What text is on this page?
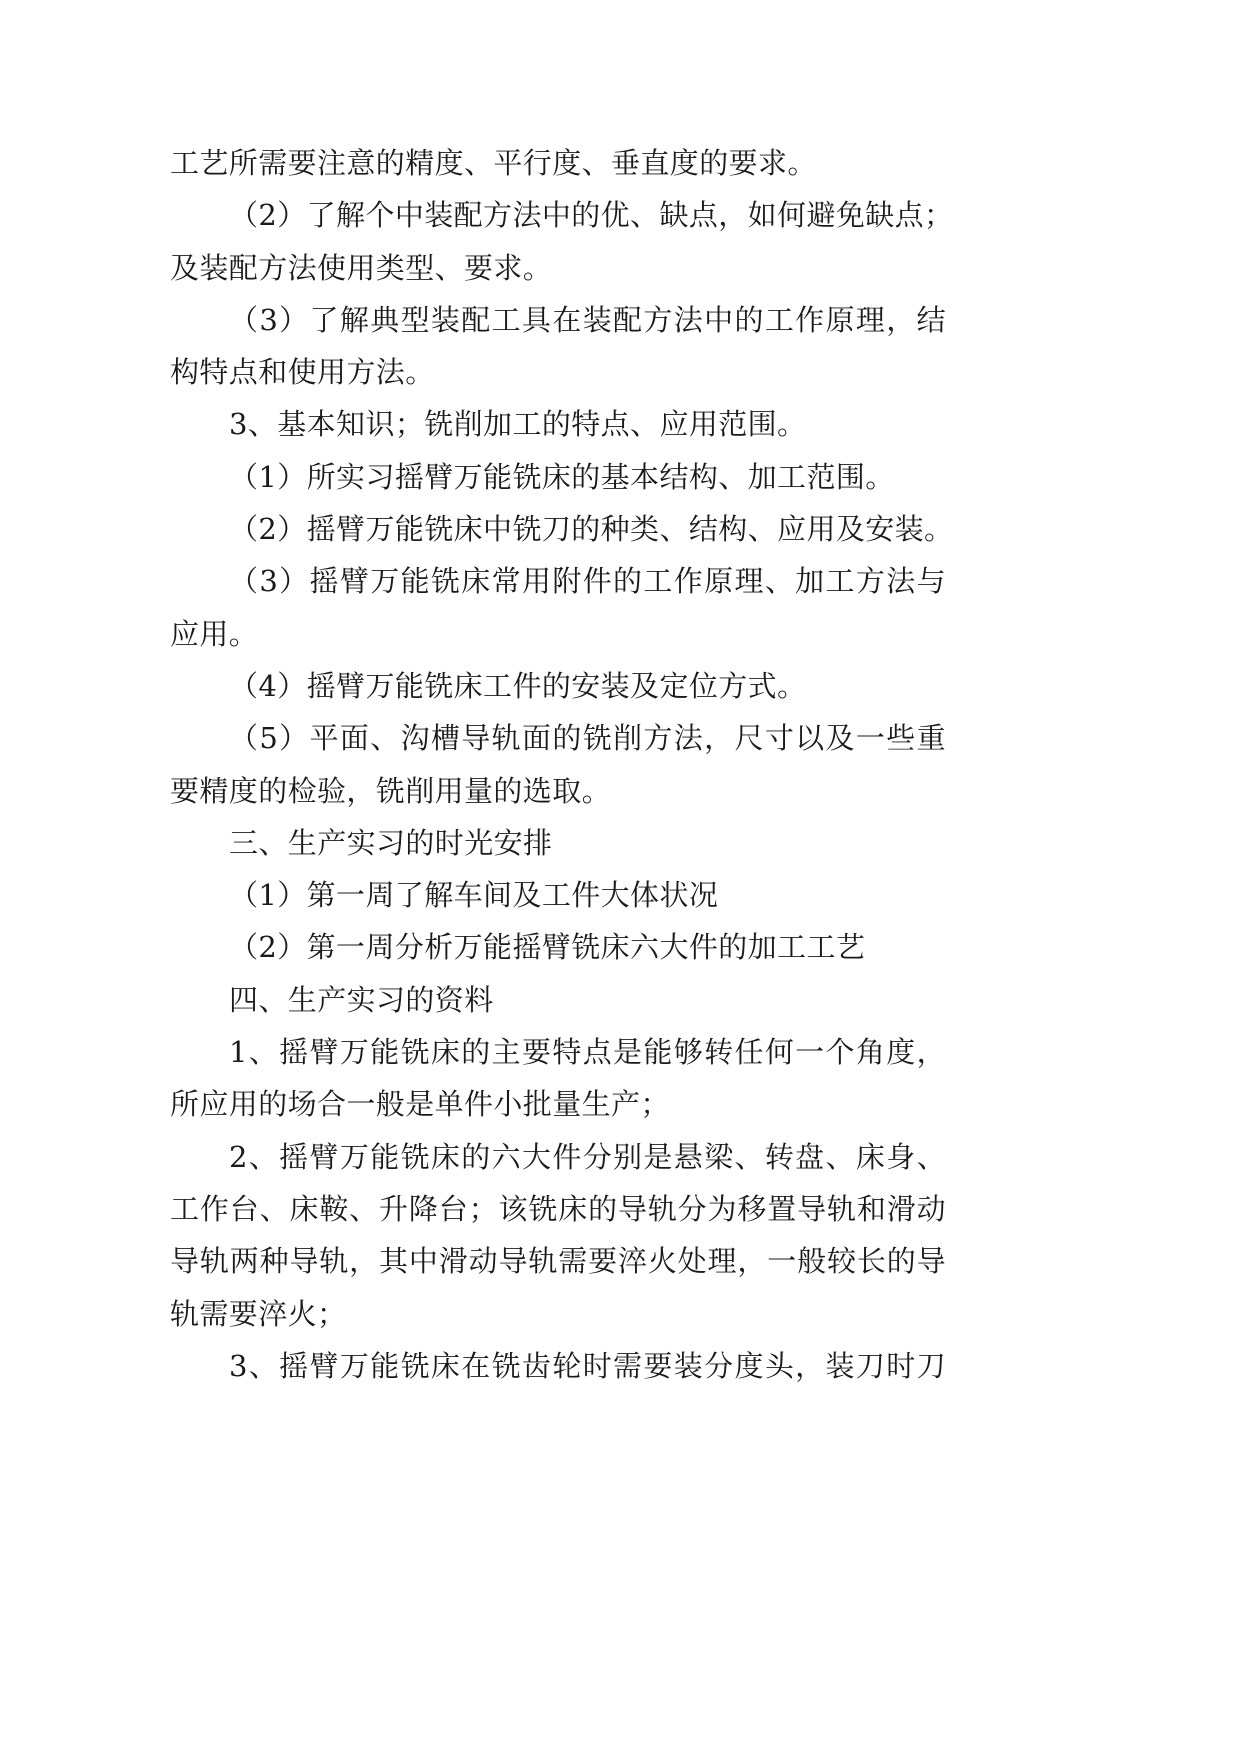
工艺所需要注意的精度、平行度、垂直度的要求。

（2）了解个中装配方法中的优、缺点，如何避免缺点；
及装配方法使用类型、要求。

（3）了解典型装配工具在装配方法中的工作原理，结
构特点和使用方法。

3、基本知识；铣削加工的特点、应用范围。

（1）所实习摇臂万能铣床的基本结构、加工范围。

（2）摇臂万能铣床中铣刀的种类、结构、应用及安装。

（3）摇臂万能铣床常用附件的工作原理、加工方法与
应用。

（4）摇臂万能铣床工件的安装及定位方式。

（5）平面、沟槽导轨面的铣削方法，尺寸以及一些重
要精度的检验，铣削用量的选取。

三、生产实习的时光安排

（1）第一周了解车间及工件大体状况

（2）第一周分析万能摇臂铣床六大件的加工工艺

四、生产实习的资料

1、摇臂万能铣床的主要特点是能够转任何一个角度，
所应用的场合一般是单件小批量生产；

2、摇臂万能铣床的六大件分别是悬梁、转盘、床身、
工作台、床鞍、升降台；该铣床的导轨分为移置导轨和滑动
导轨两种导轨，其中滑动导轨需要淬火处理，一般较长的导
轨需要淬火；

3、摇臂万能铣床在铣齿轮时需要装分度头，装刀时刀
